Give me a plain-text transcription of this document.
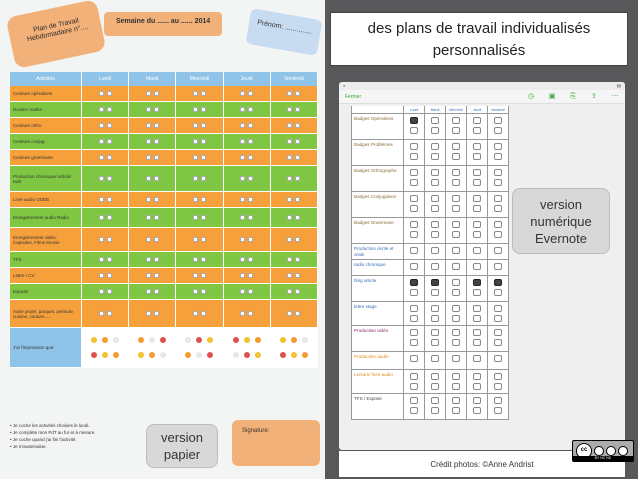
Plan de Travail
Hebdomadaire n°....
Semaine du ...... au ...... 2014	Prénom: ..............
Activités	Lundi	Mardi	Mercredi	Jeudi	Vendredi
Ceinture opérations
Dossier maths
Ceinture ortho
Ceinture conjug
Ceinture grammaire
Production chronique/ article/ twitt
Livre audio ODEB
Enregistrement audio Radio
Enregistrement vidéo: Capsules, Films Imovie
TFS
Lettre / CV
Exposé
Autre projet: parquet, peinture, cuisine, couture.....
J'ai l'impression que:
• Je coche les activités choisies le lundi.
• Je complète mon PdT au fur et à mesure.
• Je coche quand j'ai fini l'activité.
• Je m'autoévalue.
Signature:
version papier
des plans de travail individualisés personnalisés
●	▮▮
Fermer	◷ ▣ ⎘ ⇪ ⋯
Lundi	Mardi	Mercredi	Jeudi	Vendredi
Badges Opérations
Badges Problèmes
Badges Orthographe
Badges Conjugaison
Badges Grammaire
Production écrite et orale
radio chronique
blog article
lettre stage
Production vidéo
Production audio
Lecture/ livre audio
TFS / Exposé
version numérique Evernote
Crédit photos: ©Anne Andrist
cc
BY NC ND
